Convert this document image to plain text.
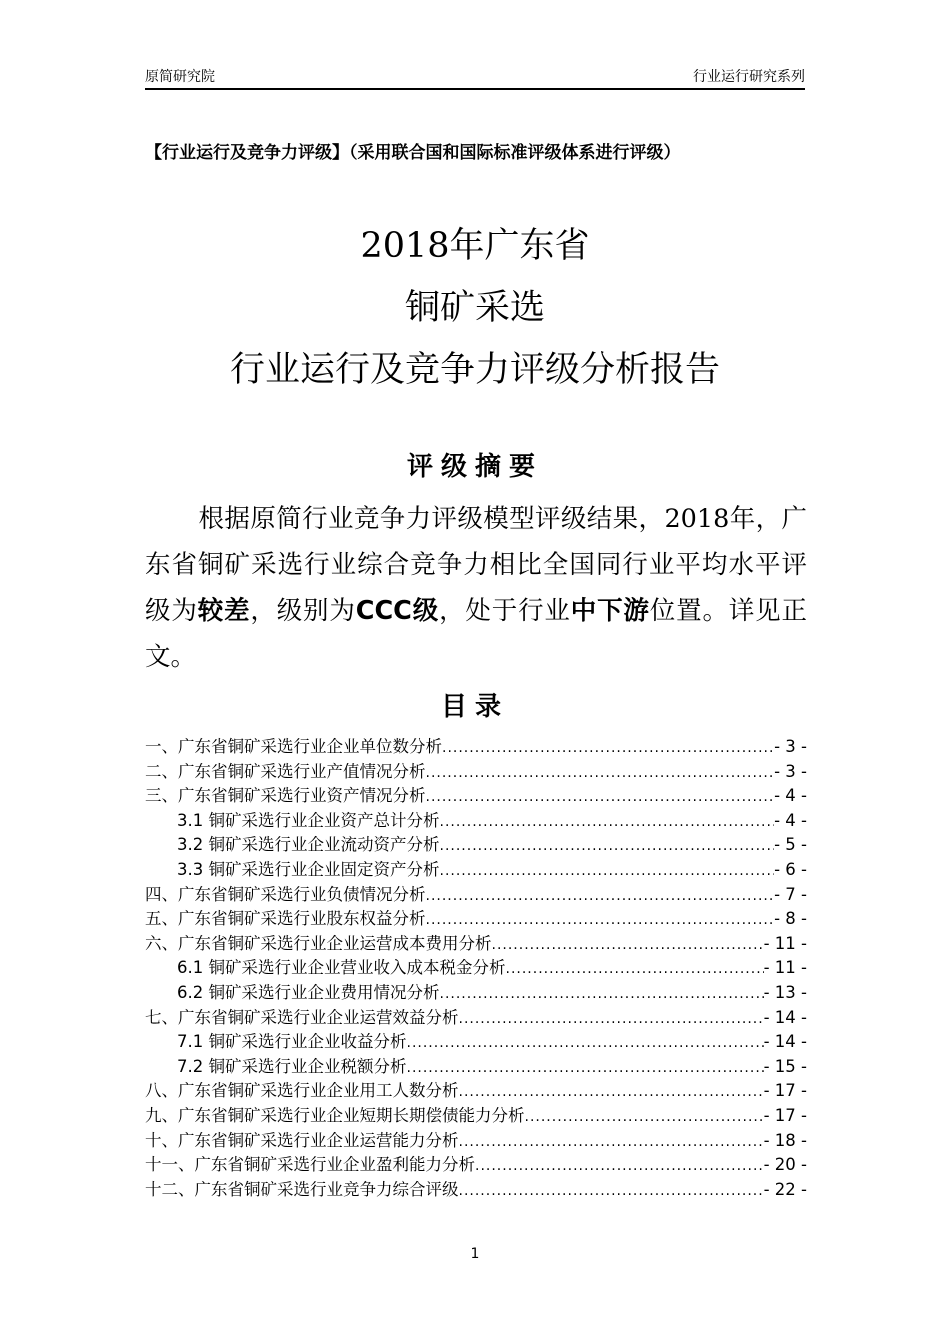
原简研究院	行业运行研究系列
【行业运行及竞争力评级】（采用联合国和国际标准评级体系进行评级）
2018年广东省
铜矿采选
行业运行及竞争力评级分析报告
评级摘要

根据原简行业竞争力评级模型评级结果，2018年，广东省铜矿采选行业综合竞争力相比全国同行业平均水平评级为较差，级别为CCC级，处于行业中下游位置。详见正文。

目录
一、广东省铜矿采选行业企业单位数分析 .....	- 3 -
二、广东省铜矿采选行业产值情况分析 .....	- 3 -
三、广东省铜矿采选行业资产情况分析 .....	- 4 -
3.1 铜矿采选行业企业资产总计分析 .....	- 4 -
3.2 铜矿采选行业企业流动资产分析 .....	- 5 -
3.3 铜矿采选行业企业固定资产分析 .....	- 6 -
四、广东省铜矿采选行业负债情况分析 .....	- 7 -
五、广东省铜矿采选行业股东权益分析 .....	- 8 -
六、广东省铜矿采选行业企业运营成本费用分析 .....	- 11 -
6.1 铜矿采选行业企业营业收入成本税金分析 .....	- 11 -
6.2 铜矿采选行业企业费用情况分析 .....	- 13 -
七、广东省铜矿采选行业企业运营效益分析 .....	- 14 -
7.1 铜矿采选行业企业收益分析 .....	- 14 -
7.2 铜矿采选行业企业税额分析 .....	- 15 -
八、广东省铜矿采选行业企业用工人数分析 .....	- 17 -
九、广东省铜矿采选行业企业短期长期偿债能力分析 .....	- 17 -
十、广东省铜矿采选行业企业运营能力分析 .....	- 18 -
十一、广东省铜矿采选行业企业盈利能力分析 .....	- 20 -
十二、广东省铜矿采选行业竞争力综合评级 .....	- 22 -
1
